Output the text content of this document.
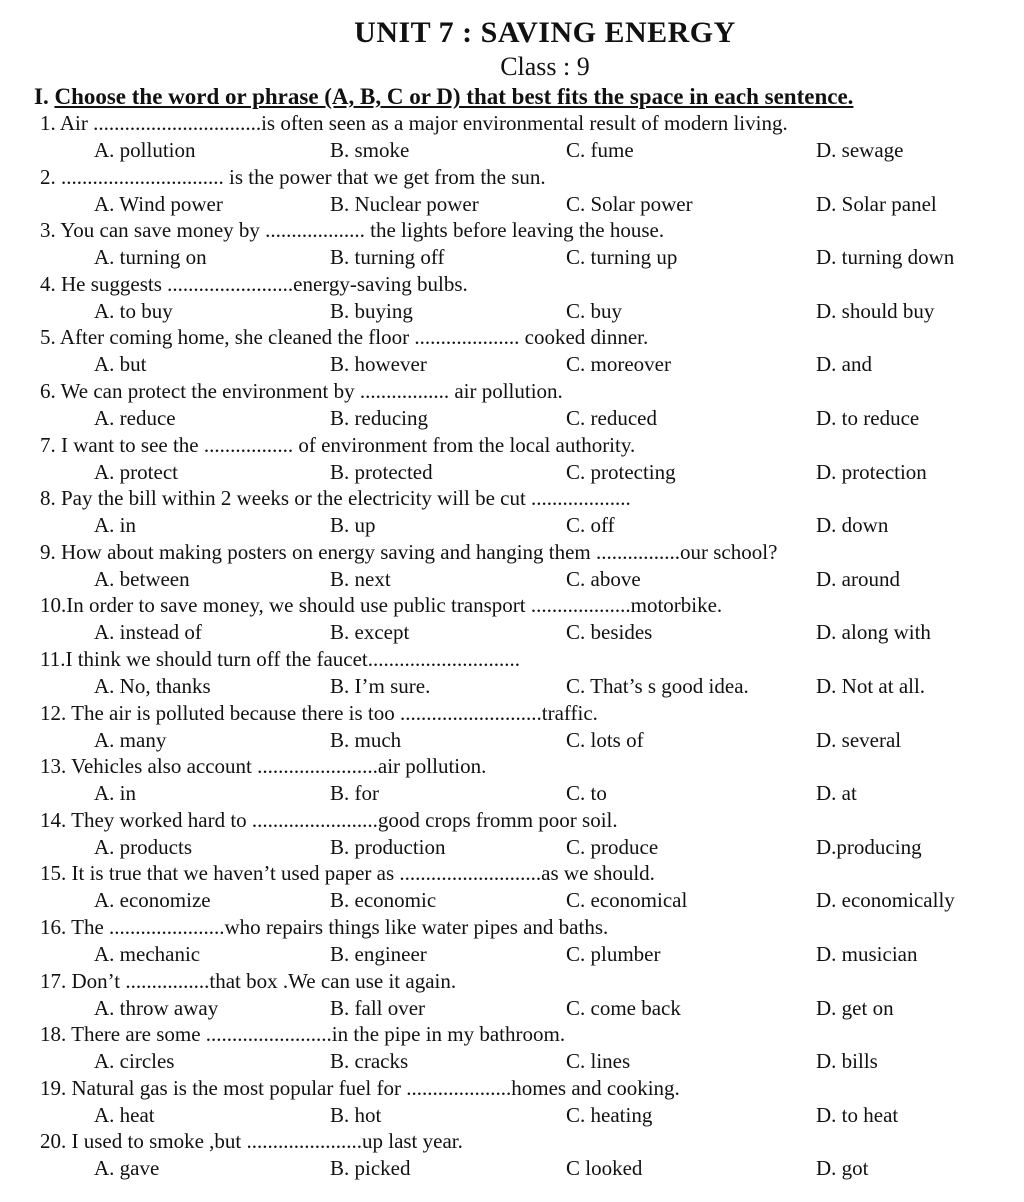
UNIT 7 : SAVING ENERGY
Class : 9
I. Choose the word or phrase (A, B, C or D) that best fits the space in each sentence.
1. Air ................................is often seen as a major environmental result of modern living.
A. pollution	B. smoke	C. fume	D. sewage
2. ............................... is the power that we get from the sun.
A. Wind power	B. Nuclear power	C. Solar power	D. Solar panel
3. You can save money by ................... the lights before leaving the house.
A. turning on	B. turning off	C. turning up	D. turning down
4. He suggests ........................energy-saving bulbs.
A. to buy	B. buying	C. buy	D. should buy
5. After coming home, she cleaned the floor .................... cooked dinner.
A. but	B. however	C. moreover	D. and
6. We can protect the environment by ................. air pollution.
A. reduce	B. reducing	C. reduced	D. to reduce
7. I want to see the ................. of environment from the local authority.
A. protect	B. protected	C. protecting	D. protection
8. Pay the bill within 2 weeks or the electricity will be cut ...................
A. in	B. up	C. off	D. down
9. How about making posters on energy saving and hanging them ................our school?
A. between	B. next	C. above	D. around
10.In order to save money, we should use public transport ...................motorbike.
A. instead of	B. except	C. besides	D. along with
11.I think we should turn off the faucet.............................
A. No, thanks	B. I’m sure.	C. That’s s good idea.	D. Not at all.
12. The air is polluted because there is too ...........................traffic.
A. many	B. much	C. lots of	D. several
13. Vehicles also account .......................air pollution.
A. in	B. for	C. to	D. at
14. They worked hard to ........................good crops fromm poor soil.
A. products	B. production	C. produce	D.producing
15. It is true that we haven’t used paper as ...........................as we should.
A. economize	B. economic	C. economical	D. economically
16. The ......................who repairs things like water pipes and baths.
A. mechanic	B. engineer	C. plumber	D. musician
17. Don’t ................that box .We can use it again.
A. throw away	B. fall over	C. come back	D. get on
18. There are some ........................in the pipe in my bathroom.
A. circles	B. cracks	C. lines	D. bills
19. Natural gas is the most popular fuel for ....................homes and cooking.
A. heat	B. hot	C. heating	D. to heat
20. I used to smoke ,but ......................up last year.
A. gave	B. picked	C looked	D. got
